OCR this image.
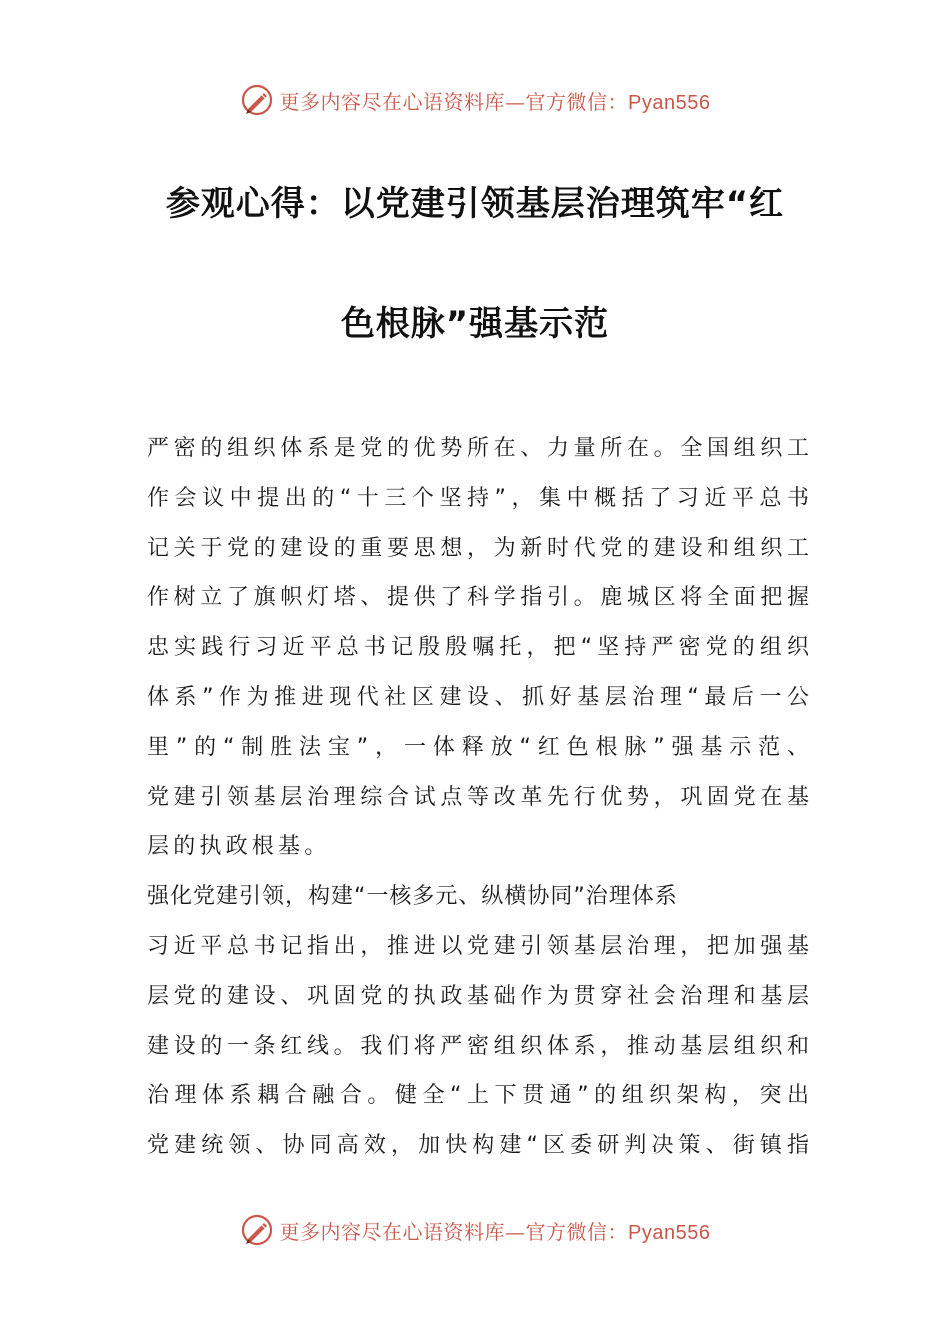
更多内容尽在心语资料库—官方微信：Pyan556
参观心得：以党建引领基层治理筑牢“红
色根脉”强基示范
严密的组织体系是党的优势所在、力量所在。全国组织工
作会议中提出的“十三个坚持”，集中概括了习近平总书
记关于党的建设的重要思想，为新时代党的建设和组织工
作树立了旗帜灯塔、提供了科学指引。鹿城区将全面把握
忠实践行习近平总书记殷殷嘱托，把“坚持严密党的组织
体系”作为推进现代社区建设、抓好基层治理“最后一公
里”的“制胜法宝”，一体释放“红色根脉”强基示范、
党建引领基层治理综合试点等改革先行优势，巩固党在基
层的执政根基。
强化党建引领，构建“一核多元、纵横协同”治理体系
习近平总书记指出，推进以党建引领基层治理，把加强基
层党的建设、巩固党的执政基础作为贯穿社会治理和基层
建设的一条红线。我们将严密组织体系，推动基层组织和
治理体系耦合融合。健全“上下贯通”的组织架构，突出
党建统领、协同高效，加快构建“区委研判决策、街镇指
更多内容尽在心语资料库—官方微信：Pyan556
